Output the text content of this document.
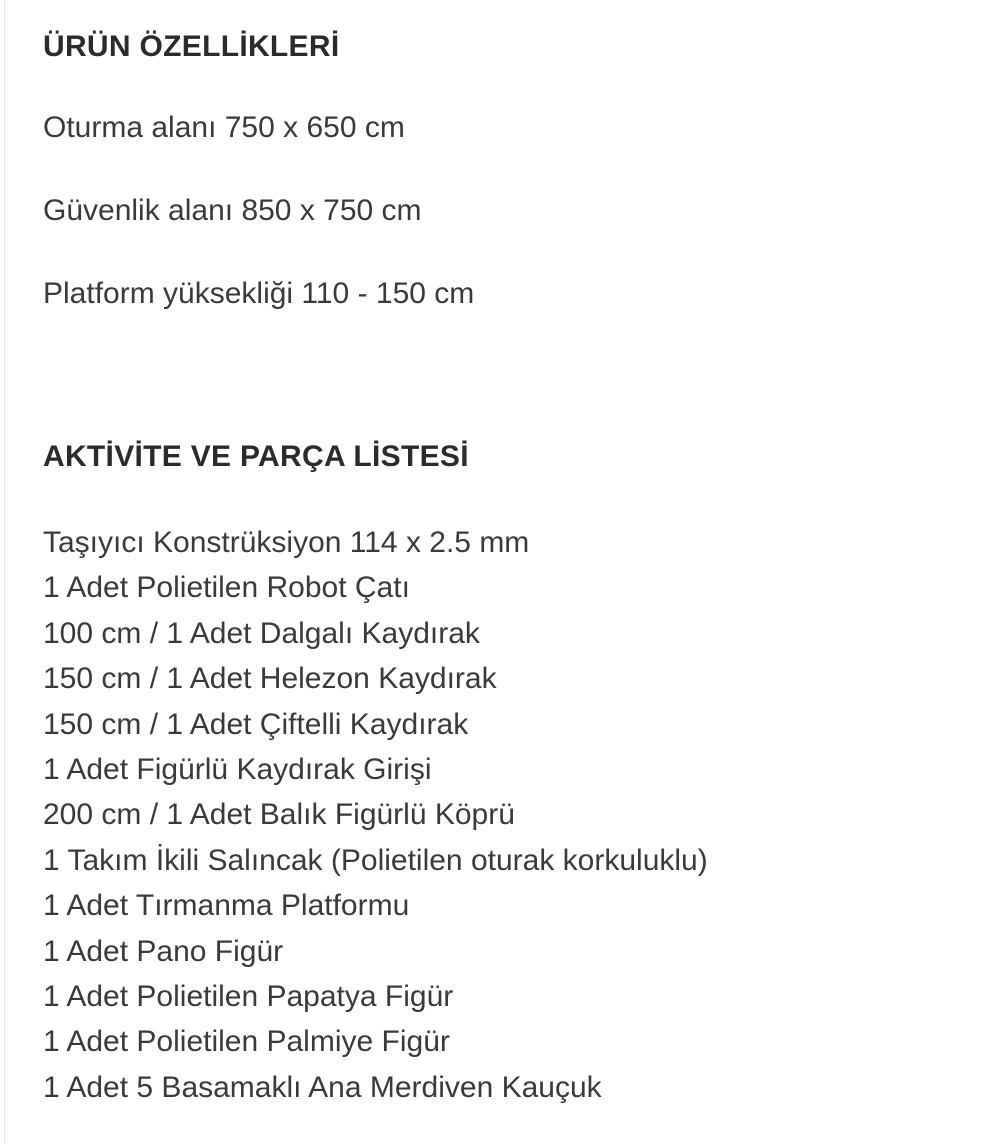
ÜRÜN ÖZELLİKLERİ
Oturma alanı 750 x 650 cm
Güvenlik alanı 850 x 750 cm
Platform yüksekliği 110 - 150 cm
AKTİVİTE VE PARÇA LİSTESİ
Taşıyıcı Konstrüksiyon 114 x 2.5 mm
1 Adet Polietilen Robot Çatı
100 cm / 1 Adet Dalgalı Kaydırak
150 cm / 1 Adet Helezon Kaydırak
150 cm / 1 Adet Çiftelli Kaydırak
1 Adet Figürlü Kaydırak Girişi
200 cm / 1 Adet Balık Figürlü Köprü
1 Takım İkili Salıncak (Polietilen oturak korkuluklu)
1 Adet Tırmanma Platformu
1 Adet Pano Figür
1 Adet Polietilen Papatya Figür
1 Adet Polietilen Palmiye Figür
1 Adet 5 Basamaklı Ana Merdiven Kauçuk
